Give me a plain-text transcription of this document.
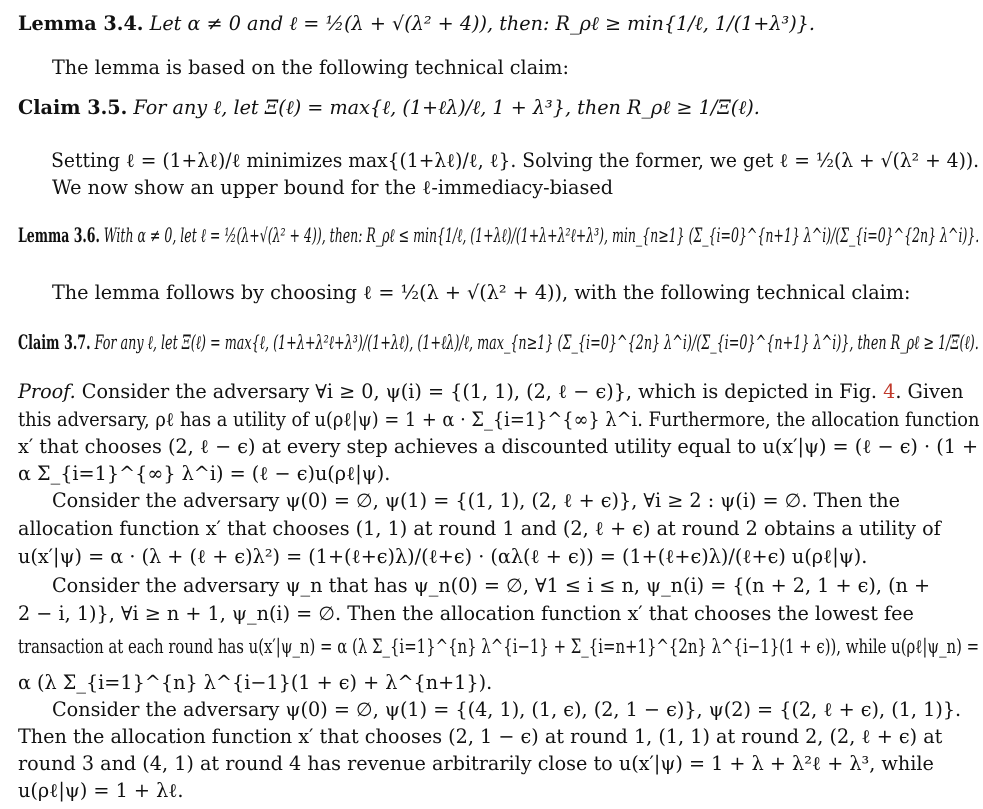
Lemma 3.4. Let α ≠ 0 and ℓ = ½(λ + √(λ² + 4)), then: R_ρℓ ≥ min{1/ℓ, 1/(1+λ³)}.
The lemma is based on the following technical claim:
Claim 3.5. For any ℓ, let Ξ(ℓ) = max{ℓ, (1+ℓλ)/ℓ, 1 + λ³}, then R_ρℓ ≥ 1/Ξ(ℓ).
Setting ℓ = (1+λℓ)/ℓ minimizes max{(1+λℓ)/ℓ, ℓ}. Solving the former, we get ℓ = ½(λ + √(λ² + 4)).
We now show an upper bound for the ℓ-immediacy-biased
Lemma 3.6. With α ≠ 0, let ℓ = ½(λ+√(λ² + 4)), then: R_ρℓ ≤ min{1/ℓ, (1+λℓ)/(1+λ+λ²ℓ+λ³), min_{n≥1} (Σ_{i=0}^{n+1} λ^i)/(Σ_{i=0}^{2n} λ^i)}.
The lemma follows by choosing ℓ = ½(λ + √(λ² + 4)), with the following technical claim:
Claim 3.7. For any ℓ, let Ξ(ℓ) = max{ℓ, (1+λ+λ²ℓ+λ³)/(1+λℓ), (1+ℓλ)/ℓ, max_{n≥1} (Σ_{i=0}^{2n} λ^i)/(Σ_{i=0}^{n+1} λ^i)}, then R_ρℓ ≥ 1/Ξ(ℓ).
Proof. Consider the adversary ∀i ≥ 0, ψ(i) = {(1, 1), (2, ℓ − ϵ)}, which is depicted in Fig. 4. Given
this adversary, ρℓ has a utility of u(ρℓ|ψ) = 1 + α · Σ_{i=1}^{∞} λ^i. Furthermore, the allocation function
x′ that chooses (2, ℓ − ϵ) at every step achieves a discounted utility equal to u(x′|ψ) = (ℓ − ϵ) · (1 +
α Σ_{i=1}^{∞} λ^i) = (ℓ − ϵ)u(ρℓ|ψ).
Consider the adversary ψ(0) = ∅, ψ(1) = {(1, 1), (2, ℓ + ϵ)}, ∀i ≥ 2 : ψ(i) = ∅. Then the
allocation function x′ that chooses (1, 1) at round 1 and (2, ℓ + ϵ) at round 2 obtains a utility of
u(x′|ψ) = α · (λ + (ℓ + ϵ)λ²) = (1+(ℓ+ϵ)λ)/(ℓ+ϵ) · (αλ(ℓ + ϵ)) = (1+(ℓ+ϵ)λ)/(ℓ+ϵ) u(ρℓ|ψ).
Consider the adversary ψ_n that has ψ_n(0) = ∅, ∀1 ≤ i ≤ n, ψ_n(i) = {(n + 2, 1 + ϵ), (n +
2 − i, 1)}, ∀i ≥ n + 1, ψ_n(i) = ∅. Then the allocation function x′ that chooses the lowest fee
transaction at each round has u(x′|ψ_n) = α (λ Σ_{i=1}^{n} λ^{i−1} + Σ_{i=n+1}^{2n} λ^{i−1}(1 + ϵ)), while u(ρℓ|ψ_n) =
α (λ Σ_{i=1}^{n} λ^{i−1}(1 + ϵ) + λ^{n+1}).
Consider the adversary ψ(0) = ∅, ψ(1) = {(4, 1), (1, ϵ), (2, 1 − ϵ)}, ψ(2) = {(2, ℓ + ϵ), (1, 1)}.
Then the allocation function x′ that chooses (2, 1 − ϵ) at round 1, (1, 1) at round 2, (2, ℓ + ϵ) at
round 3 and (4, 1) at round 4 has revenue arbitrarily close to u(x′|ψ) = 1 + λ + λ²ℓ + λ³, while
u(ρℓ|ψ) = 1 + λℓ.
